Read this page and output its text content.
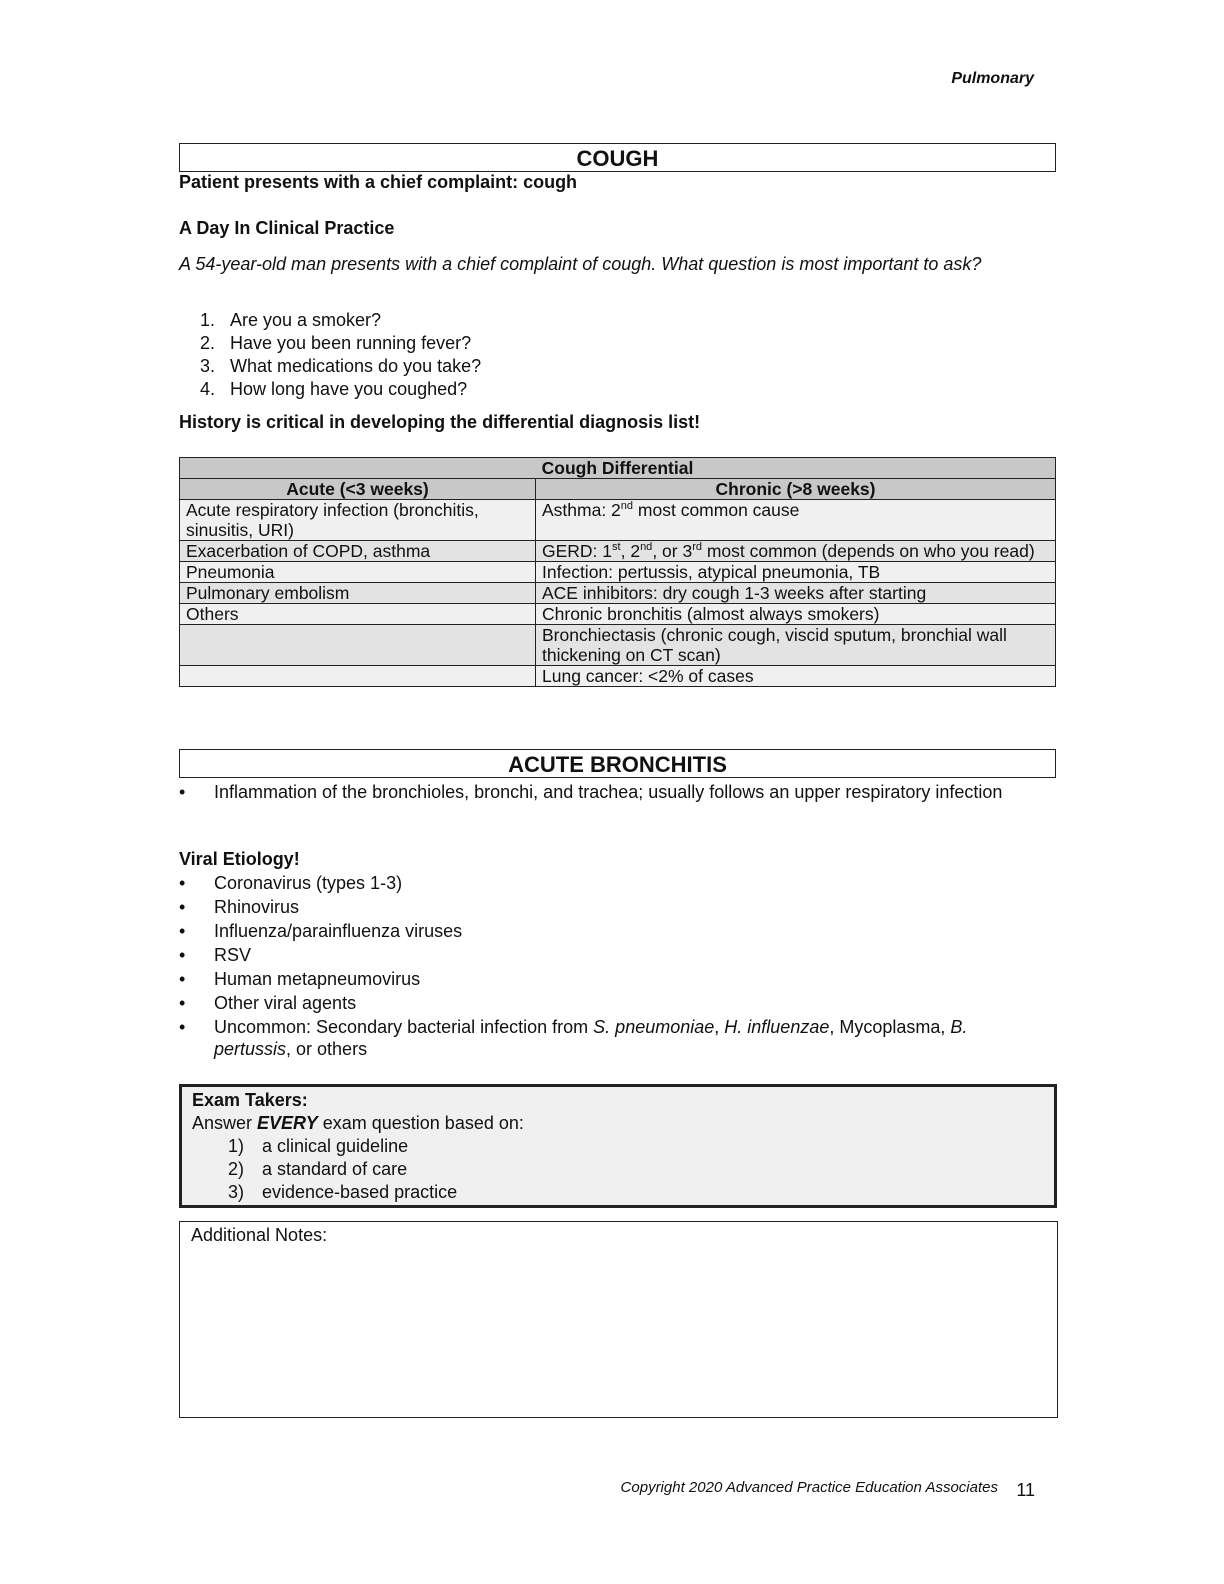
Pulmonary
COUGH
Patient presents with a chief complaint: cough
A Day In Clinical Practice
A 54-year-old man presents with a chief complaint of cough. What question is most important to ask?
1. Are you a smoker?
2. Have you been running fever?
3. What medications do you take?
4. How long have you coughed?
History is critical in developing the differential diagnosis list!
Cough Differential	
Acute (<3 weeks)	Chronic (>8 weeks)
Acute respiratory infection (bronchitis, sinusitis, URI)	Asthma: 2nd most common cause
Exacerbation of COPD, asthma	GERD: 1st, 2nd, or 3rd most common (depends on who you read)
Pneumonia	Infection: pertussis, atypical pneumonia, TB
Pulmonary embolism	ACE inhibitors: dry cough 1-3 weeks after starting
Others	Chronic bronchitis (almost always smokers)
	Bronchiectasis (chronic cough, viscid sputum, bronchial wall thickening on CT scan)
	Lung cancer: <2% of cases
ACUTE BRONCHITIS
• Inflammation of the bronchioles, bronchi, and trachea; usually follows an upper respiratory infection
Viral Etiology!
• Coronavirus (types 1-3)
• Rhinovirus
• Influenza/parainfluenza viruses
• RSV
• Human metapneumovirus
• Other viral agents
• Uncommon: Secondary bacterial infection from S. pneumoniae, H. influenzae, Mycoplasma, B. pertussis, or others
Exam Takers:
Answer EVERY exam question based on:
1) a clinical guideline
2) a standard of care
3) evidence-based practice
Additional Notes:
Copyright 2020 Advanced Practice Education Associates 11
